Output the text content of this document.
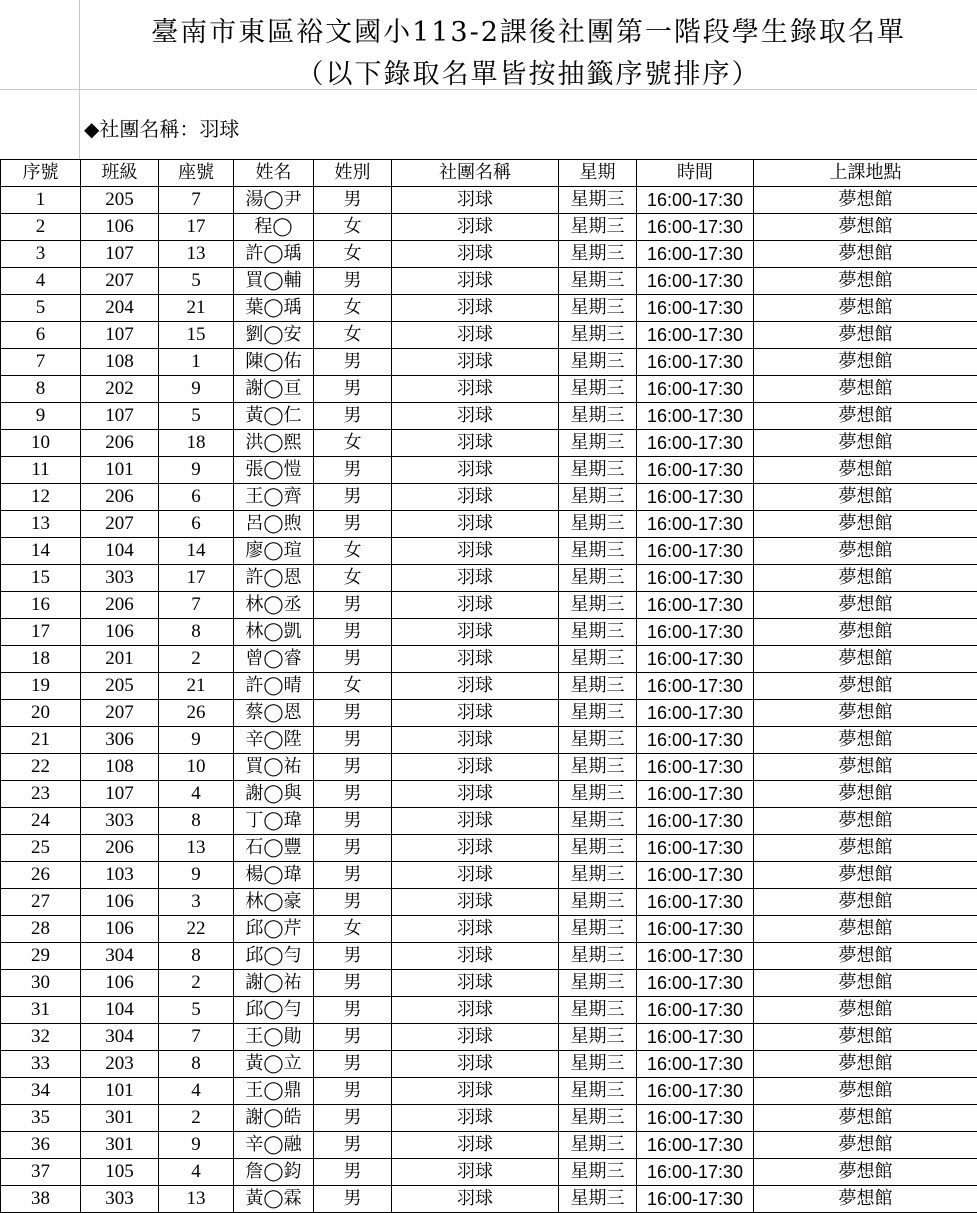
臺南市東區裕文國小113-2課後社團第一階段學生錄取名單
（以下錄取名單皆按抽籤序號排序）
◆社團名稱：羽球
序號	班級	座號	姓名	姓別	社團名稱	星期	時間	上課地點
1	205	7	湯◯尹	男	羽球	星期三	16:00-17:30	夢想館
2	106	17	程◯	女	羽球	星期三	16:00-17:30	夢想館
3	107	13	許◯瑀	女	羽球	星期三	16:00-17:30	夢想館
4	207	5	買◯輔	男	羽球	星期三	16:00-17:30	夢想館
5	204	21	葉◯瑀	女	羽球	星期三	16:00-17:30	夢想館
6	107	15	劉◯安	女	羽球	星期三	16:00-17:30	夢想館
7	108	1	陳◯佑	男	羽球	星期三	16:00-17:30	夢想館
8	202	9	謝◯亘	男	羽球	星期三	16:00-17:30	夢想館
9	107	5	黃◯仁	男	羽球	星期三	16:00-17:30	夢想館
10	206	18	洪◯熙	女	羽球	星期三	16:00-17:30	夢想館
11	101	9	張◯愷	男	羽球	星期三	16:00-17:30	夢想館
12	206	6	王◯齊	男	羽球	星期三	16:00-17:30	夢想館
13	207	6	呂◯煦	男	羽球	星期三	16:00-17:30	夢想館
14	104	14	廖◯瑄	女	羽球	星期三	16:00-17:30	夢想館
15	303	17	許◯恩	女	羽球	星期三	16:00-17:30	夢想館
16	206	7	林◯丞	男	羽球	星期三	16:00-17:30	夢想館
17	106	8	林◯凱	男	羽球	星期三	16:00-17:30	夢想館
18	201	2	曾◯睿	男	羽球	星期三	16:00-17:30	夢想館
19	205	21	許◯晴	女	羽球	星期三	16:00-17:30	夢想館
20	207	26	蔡◯恩	男	羽球	星期三	16:00-17:30	夢想館
21	306	9	辛◯陞	男	羽球	星期三	16:00-17:30	夢想館
22	108	10	買◯祐	男	羽球	星期三	16:00-17:30	夢想館
23	107	4	謝◯與	男	羽球	星期三	16:00-17:30	夢想館
24	303	8	丁◯瑋	男	羽球	星期三	16:00-17:30	夢想館
25	206	13	石◯豐	男	羽球	星期三	16:00-17:30	夢想館
26	103	9	楊◯瑋	男	羽球	星期三	16:00-17:30	夢想館
27	106	3	林◯豪	男	羽球	星期三	16:00-17:30	夢想館
28	106	22	邱◯芹	女	羽球	星期三	16:00-17:30	夢想館
29	304	8	邱◯勻	男	羽球	星期三	16:00-17:30	夢想館
30	106	2	謝◯祐	男	羽球	星期三	16:00-17:30	夢想館
31	104	5	邱◯勻	男	羽球	星期三	16:00-17:30	夢想館
32	304	7	王◯勛	男	羽球	星期三	16:00-17:30	夢想館
33	203	8	黃◯立	男	羽球	星期三	16:00-17:30	夢想館
34	101	4	王◯鼎	男	羽球	星期三	16:00-17:30	夢想館
35	301	2	謝◯皓	男	羽球	星期三	16:00-17:30	夢想館
36	301	9	辛◯融	男	羽球	星期三	16:00-17:30	夢想館
37	105	4	詹◯鈞	男	羽球	星期三	16:00-17:30	夢想館
38	303	13	黃◯霖	男	羽球	星期三	16:00-17:30	夢想館
